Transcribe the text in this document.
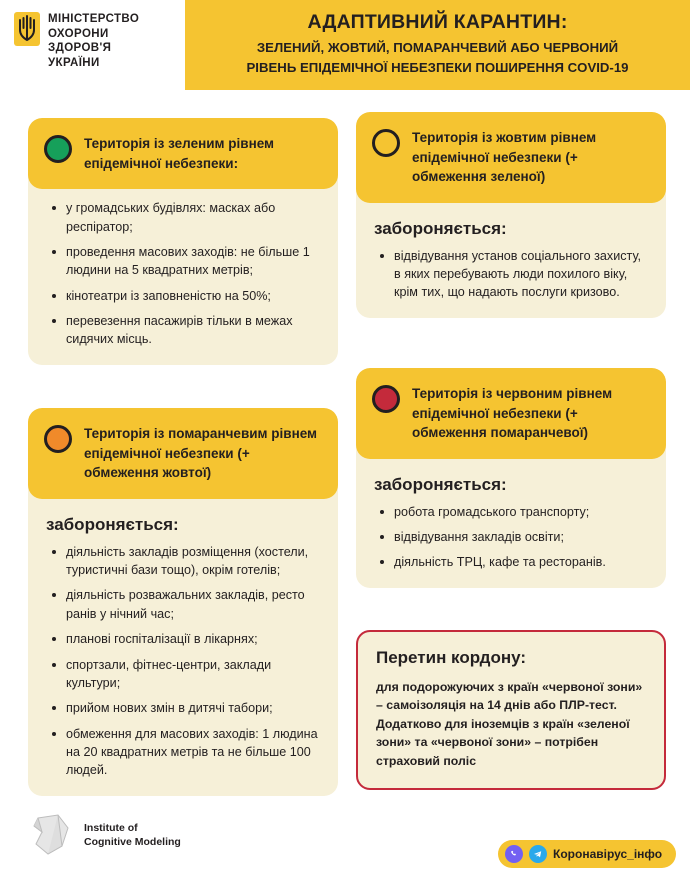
МІНІСТЕРСТВО
ОХОРОНИ
ЗДОРОВ'Я
УКРАЇНИ
АДАПТИВНИЙ КАРАНТИН:
ЗЕЛЕНИЙ, ЖОВТИЙ, ПОМАРАНЧЕВИЙ АБО ЧЕРВОНИЙ
РІВЕНЬ ЕПІДЕМІЧНОЇ НЕБЕЗПЕКИ ПОШИРЕННЯ COVID-19
Територія із зеленим рівнем епідемічної небезпеки:
у громадських будівлях: масках або респіратор;
проведення масових заходів: не більше 1 людини на 5 квадратних метрів;
кінотеатри із заповненістю на 50%;
перевезення пасажирів тільки в межах сидячих місць.
Територія із жовтим рівнем епідемічної небезпеки (+ обмеження зеленої)
забороняється:
відвідування установ соціального захисту, в яких перебувають люди похилого віку, крім тих, що надають послуги кризово.
Територія із помаранчевим рівнем епідемічної небезпеки (+ обмеження жовтої)
забороняється:
діяльність закладів розміщення (хостели, туристичні бази тощо), окрім готелів;
діяльність розважальних закладів, ресто ранів у нічний час;
планові госпіталізації в лікарнях;
спортзали, фітнес-центри, заклади культури;
прийом нових змін в дитячі табори;
обмеження для масових заходів: 1 людина на 20 квадратних метрів та не більше 100 людей.
Територія із червоним рівнем епідемічної небезпеки (+ обмеження помаранчевої)
забороняється:
робота громадського транспорту;
відвідування закладів освіти;
діяльність ТРЦ, кафе та ресторанів.
Перетин кордону:
для подорожуючих з країн «червоної зони» – самоізоляція на 14 днів або ПЛР-тест. Додатково для іноземців з країн «зеленої зони» та «червоної зони» – потрібен страховий поліс
Institute of
Cognitive Modeling
Коронавірус_інфо
